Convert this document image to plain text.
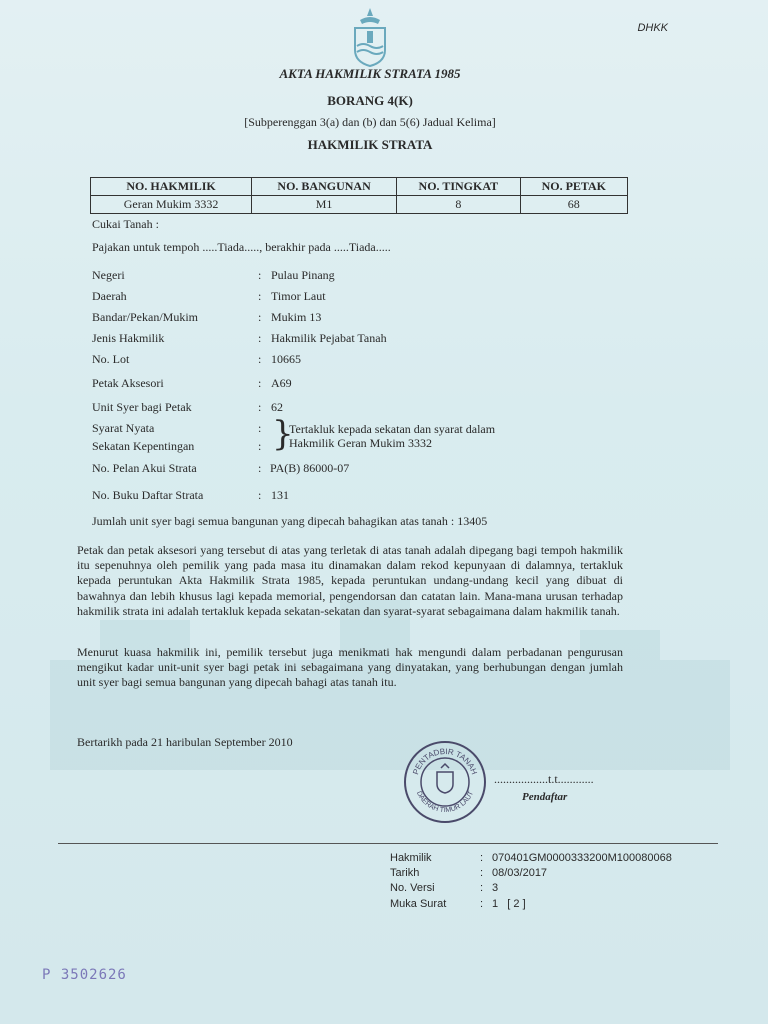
DHKK
AKTA HAKMILIK STRATA 1985
BORANG 4(K)
[Subperenggan 3(a) dan (b) dan 5(6) Jadual Kelima]
HAKMILIK STRATA
NO. HAKMILIK	NO. BANGUNAN	NO. TINGKAT	NO. PETAK
Geran Mukim 3332	M1	8	68
Cukai Tanah :
Pajakan untuk tempoh .....Tiada....., berakhir pada .....Tiada.....
Negeri	: Pulau Pinang
Daerah	: Timor Laut
Bandar/Pekan/Mukim	: Mukim 13
Jenis Hakmilik	: Hakmilik Pejabat Tanah
No. Lot	: 10665
Petak Aksesori	: A69
Unit Syer bagi Petak	: 62
Syarat Nyata	:
Sekatan Kepentingan	: }
Tertakluk kepada sekatan dan syarat dalam
Hakmilik Geran Mukim 3332
No. Pelan Akui Strata	: PA(B) 86000-07
No. Buku Daftar Strata	: 131
Jumlah unit syer bagi semua bangunan yang dipecah bahagikan atas tanah : 13405
Petak dan petak aksesori yang tersebut di atas yang terletak di atas tanah adalah dipegang bagi tempoh hakmilik itu sepenuhnya oleh pemilik yang pada masa itu dinamakan dalam rekod kepunyaan di dalamnya, tertakluk kepada peruntukan Akta Hakmilik Strata 1985, kepada peruntukan undang-undang kecil yang dibuat di bawahnya dan lebih khusus lagi kepada memorial, pengendorsan dan catatan lain. Mana-mana urusan terhadap hakmilik strata ini adalah tertakluk kepada sekatan-sekatan dan syarat-syarat sebagaimana dalam hakmilik tanah.
Menurut kuasa hakmilik ini, pemilik tersebut juga menikmati hak mengundi dalam perbadanan pengurusan mengikut kadar unit-unit syer bagi petak ini sebagaimana yang dinyatakan, yang berhubungan dengan jumlah unit syer bagi semua bangunan yang dipecah bahagi atas tanah itu.
Bertarikh pada 21 haribulan September 2010
PENTADBIR TANAH
DAERAH TIMUR LAUT
..................t.t............
Pendaftar
Hakmilik	: 070401GM0000333200M100080068
Tarikh	: 08/03/2017
No. Versi	: 3
Muka Surat	: 1   [ 2 ]
P 3502626
